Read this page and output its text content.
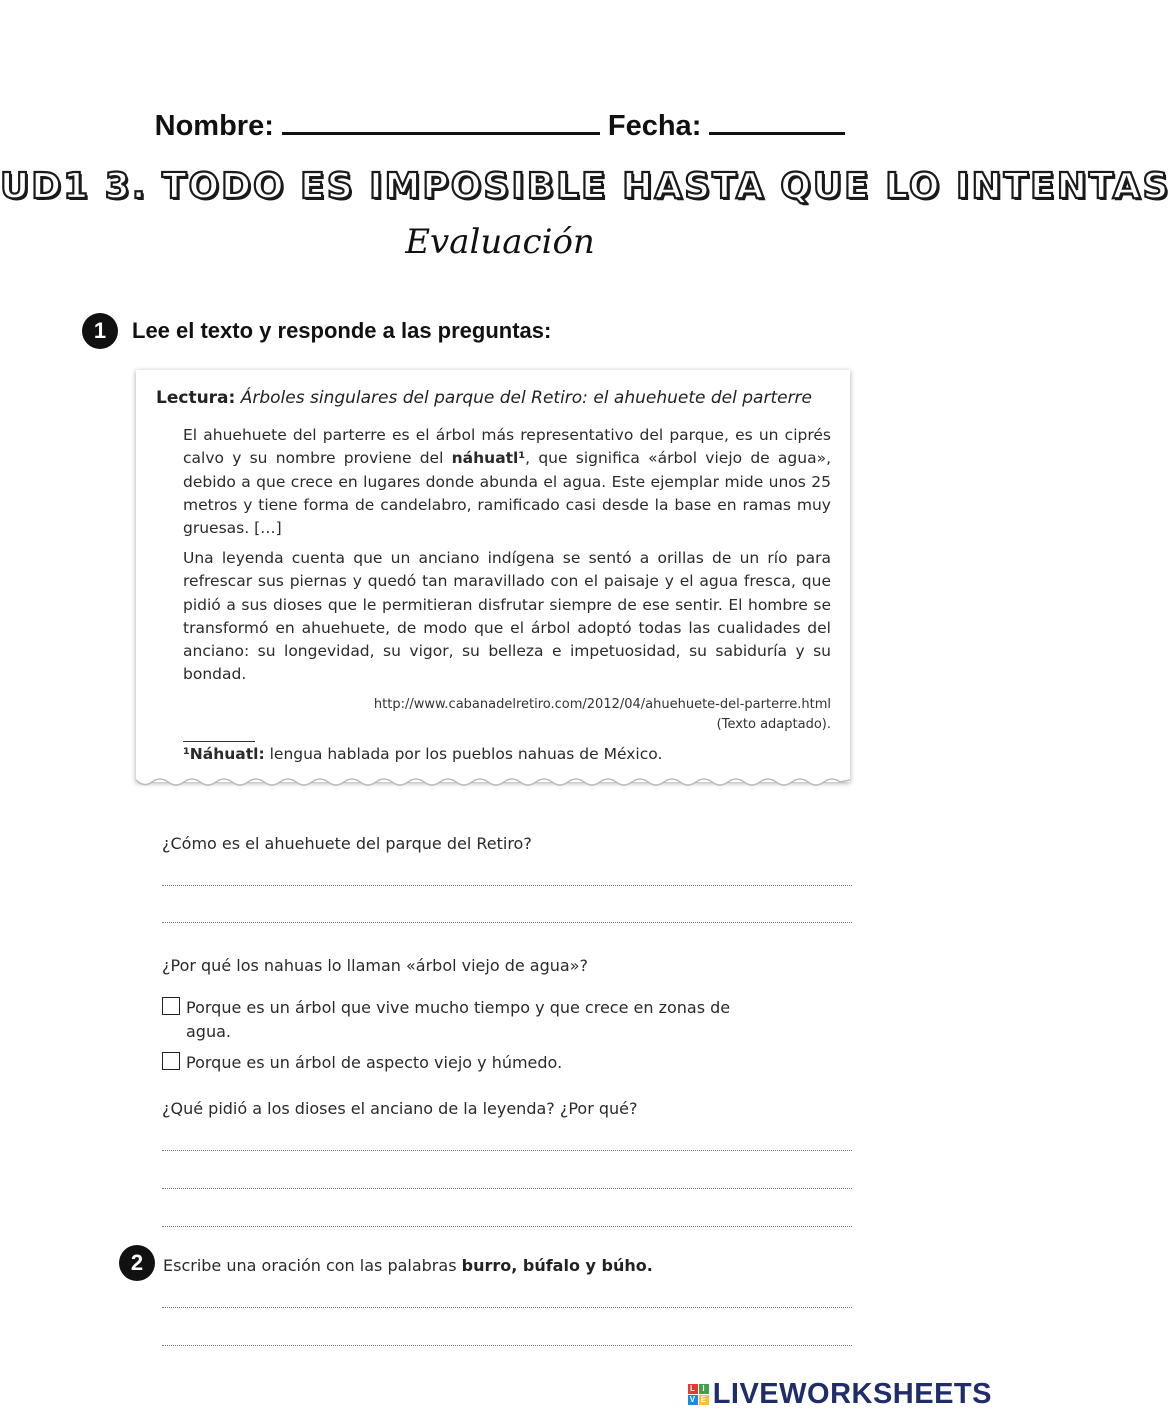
Nombre:	Fecha:
UD1 3. TODO ES IMPOSIBLE HASTA QUE LO INTENTAS
Evaluación
1	Lee el texto y responde a las preguntas:
Lectura: Árboles singulares del parque del Retiro: el ahuehuete del parterre

El ahuehuete del parterre es el árbol más representativo del parque, es un ciprés calvo y su nombre proviene del náhuatl¹, que significa «árbol viejo de agua», debido a que crece en lugares donde abunda el agua. Este ejemplar mide unos 25 metros y tiene forma de candelabro, ramificado casi desde la base en ramas muy gruesas. […]

Una leyenda cuenta que un anciano indígena se sentó a orillas de un río para refrescar sus piernas y quedó tan maravillado con el paisaje y el agua fresca, que pidió a sus dioses que le permitieran disfrutar siempre de ese sentir. El hombre se transformó en ahuehuete, de modo que el árbol adoptó todas las cualidades del anciano: su longevidad, su vigor, su belleza e impetuosidad, su sabiduría y su bondad.

http://www.cabanadelretiro.com/2012/04/ahuehuete-del-parterre.html
(Texto adaptado).
¹Náhuatl: lengua hablada por los pueblos nahuas de México.
¿Cómo es el ahuehuete del parque del Retiro?
¿Por qué los nahuas lo llaman «árbol viejo de agua»?
Porque es un árbol que vive mucho tiempo y que crece en zonas de agua.
Porque es un árbol de aspecto viejo y húmedo.
¿Qué pidió a los dioses el anciano de la leyenda? ¿Por qué?
2	Escribe una oración con las palabras burro, búfalo y búho.
L I
V E LIVEWORKSHEETS
